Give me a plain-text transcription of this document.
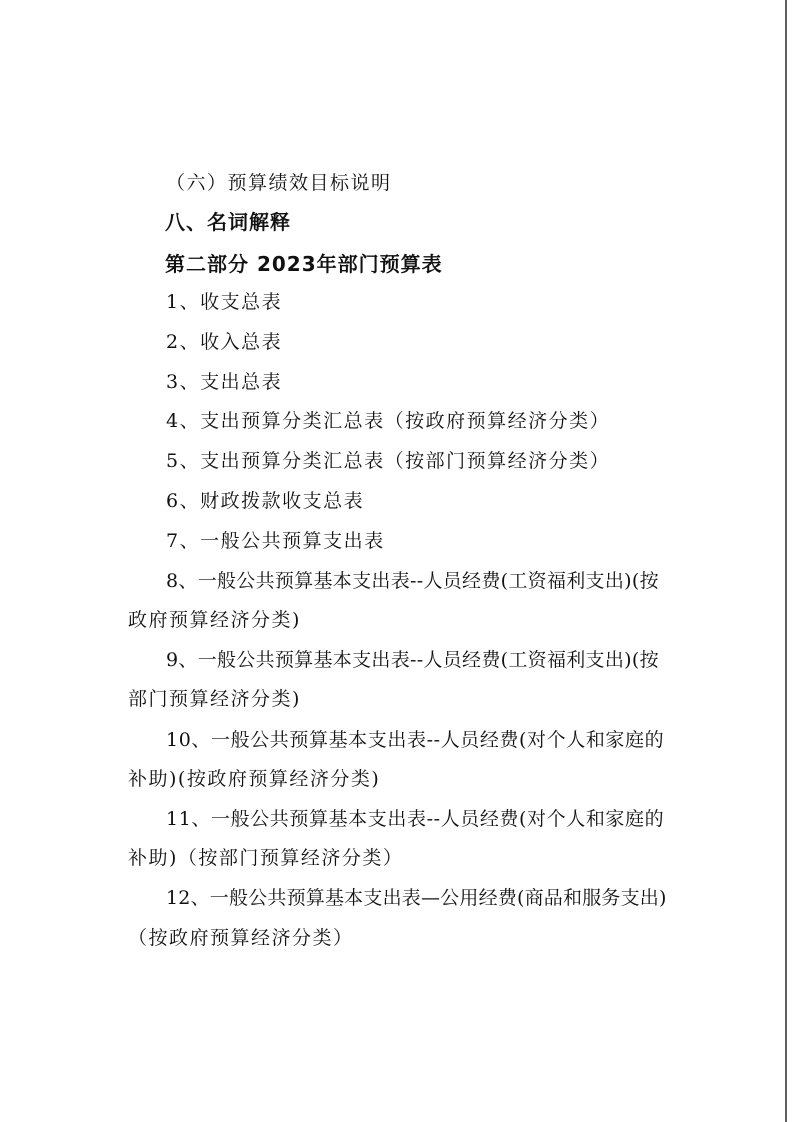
（六）预算绩效目标说明
八、名词解释
第二部分 2023年部门预算表
1、收支总表
2、收入总表
3、支出总表
4、支出预算分类汇总表（按政府预算经济分类）
5、支出预算分类汇总表（按部门预算经济分类）
6、财政拨款收支总表
7、一般公共预算支出表
8、一般公共预算基本支出表--人员经费(工资福利支出)(按
政府预算经济分类)
9、一般公共预算基本支出表--人员经费(工资福利支出)(按
部门预算经济分类)
10、一般公共预算基本支出表--人员经费(对个人和家庭的
补助)(按政府预算经济分类)
11、一般公共预算基本支出表--人员经费(对个人和家庭的
补助)（按部门预算经济分类）
12、一般公共预算基本支出表—公用经费(商品和服务支出)
（按政府预算经济分类）
